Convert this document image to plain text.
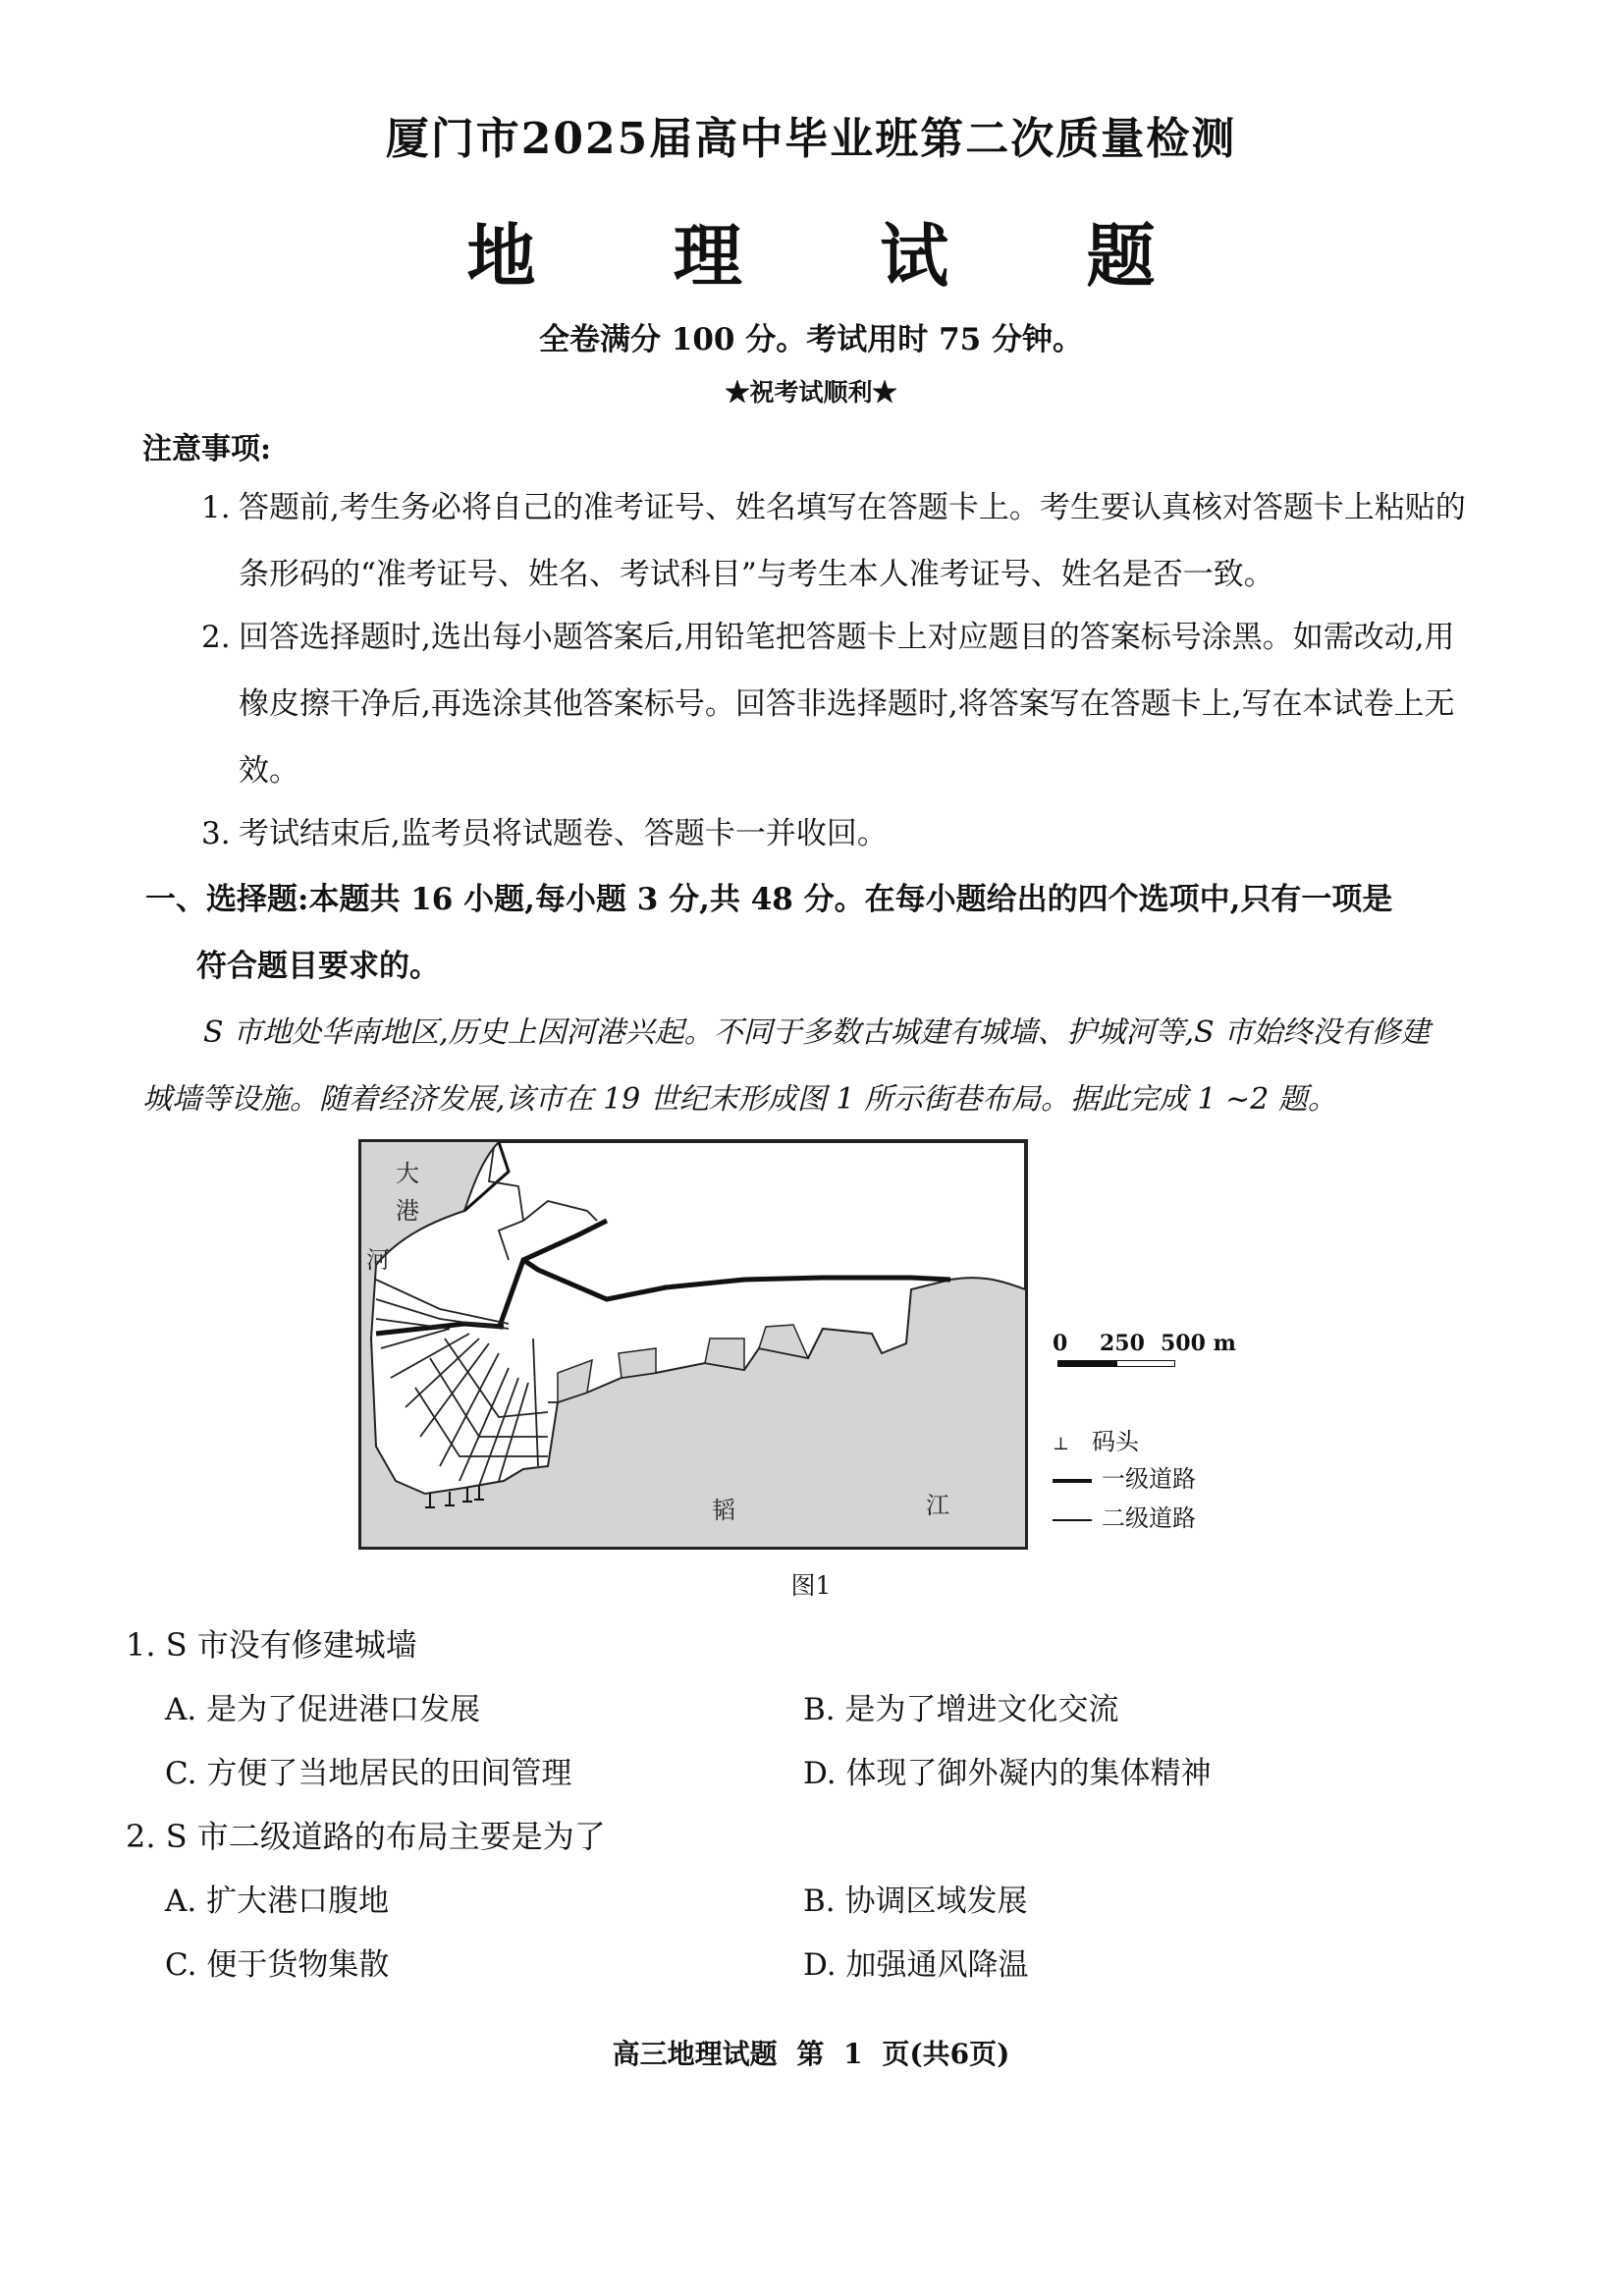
厦门市2025届高中毕业班第二次质量检测
地 理 试 题
全卷满分 100 分。考试用时 75 分钟。
★祝考试顺利★
注意事项:
1. 答题前,考生务必将自己的准考证号、姓名填写在答题卡上。考生要认真核对答题卡上粘贴的条形码的“准考证号、姓名、考试科目”与考生本人准考证号、姓名是否一致。
2. 回答选择题时,选出每小题答案后,用铅笔把答题卡上对应题目的答案标号涂黑。如需改动,用橡皮擦干净后,再选涂其他答案标号。回答非选择题时,将答案写在答题卡上,写在本试卷上无效。
3. 考试结束后,监考员将试题卷、答题卡一并收回。
一、选择题:本题共 16 小题,每小题 3 分,共 48 分。在每小题给出的四个选项中,只有一项是
符合题目要求的。
S 市地处华南地区,历史上因河港兴起。不同于多数古城建有城墙、护城河等,S 市始终没有修建城墙等设施。随着经济发展,该市在 19 世纪末形成图 1 所示街巷布局。据此完成 1 ~2 题。
大
港
河
韬	江
0 250 500 m
⊥ 码头
一级道路
二级道路
图1
1. S 市没有修建城墙
A. 是为了促进港口发展	B. 是为了增进文化交流
C. 方便了当地居民的田间管理	D. 体现了御外凝内的集体精神
2. S 市二级道路的布局主要是为了
A. 扩大港口腹地	B. 协调区域发展
C. 便于货物集散	D. 加强通风降温
高三地理试题 第 1 页(共6页)
